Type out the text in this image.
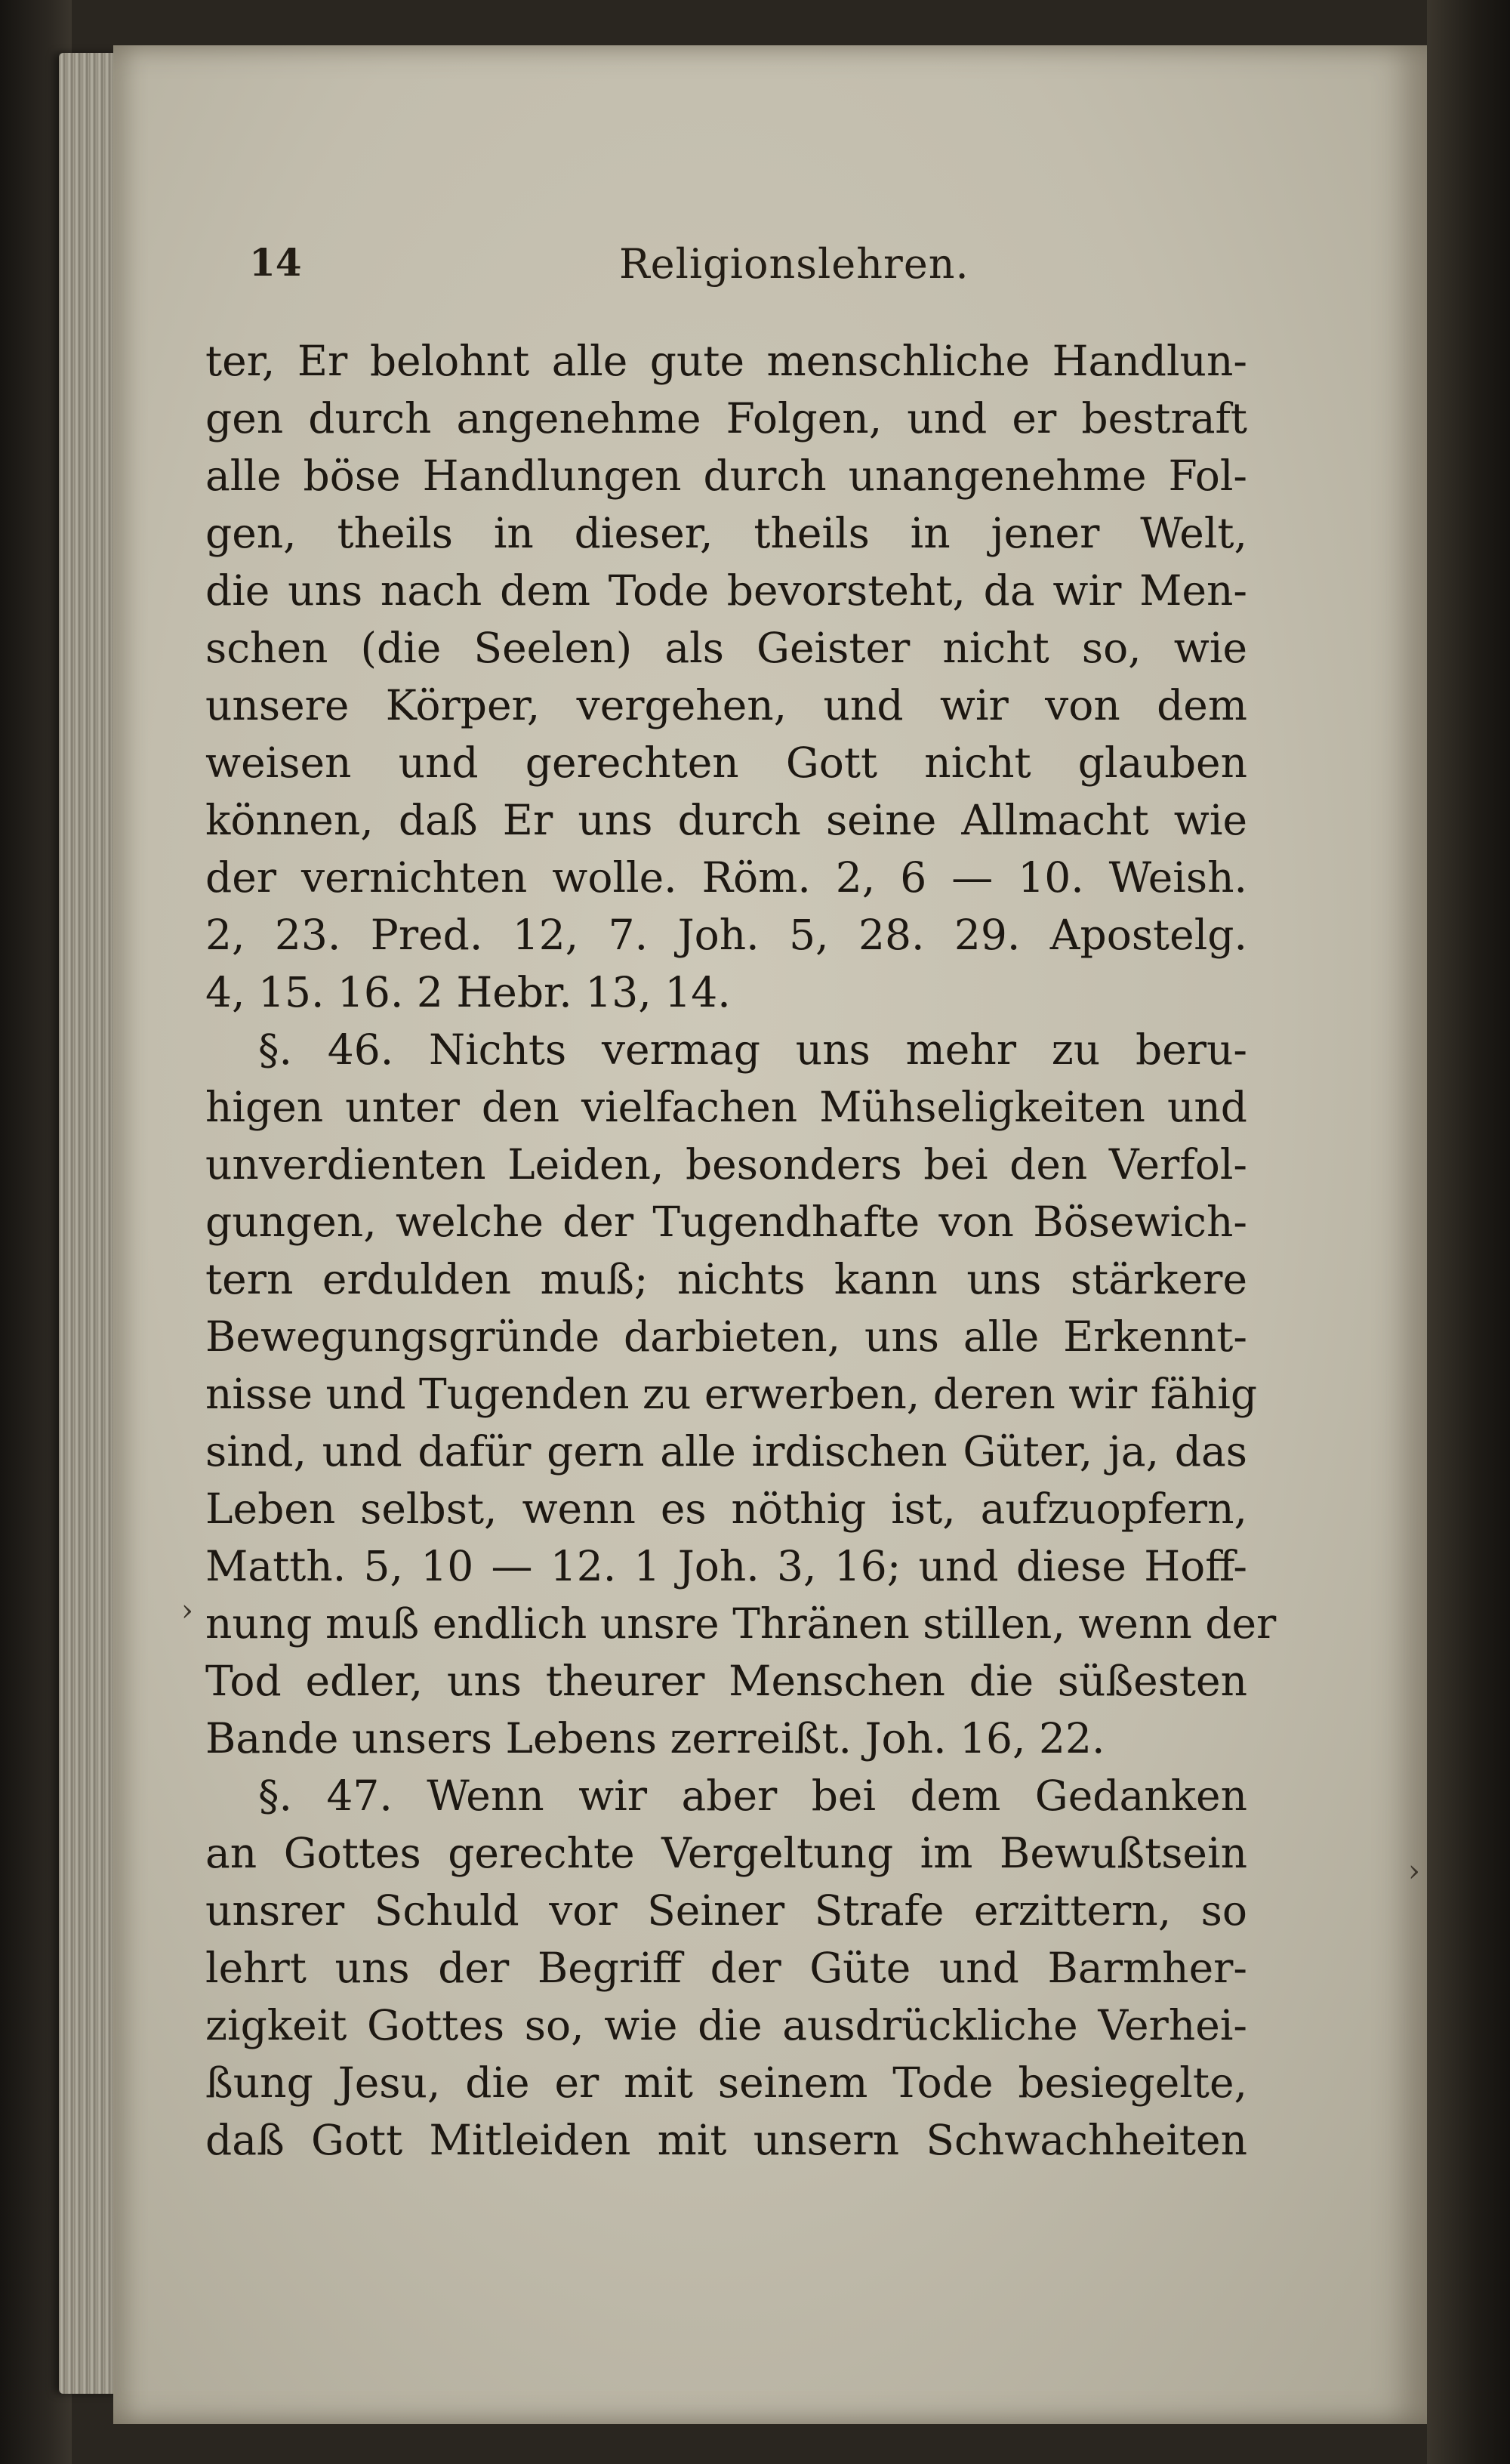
14	Religionslehren.
ter, Er belohnt alle gute menschliche Handlun-
gen durch angenehme Folgen, und er bestraft
alle böse Handlungen durch unangenehme Fol-
gen, theils in dieser, theils in jener Welt,
die uns nach dem Tode bevorsteht, da wir Men-
schen (die Seelen) als Geister nicht so, wie
unsere Körper, vergehen, und wir von dem
weisen und gerechten Gott nicht glauben
können, daß Er uns durch seine Allmacht wie
der vernichten wolle. Röm. 2, 6 — 10. Weish.
2, 23. Pred. 12, 7. Joh. 5, 28. 29. Apostelg.
4, 15. 16. 2 Hebr. 13, 14.
§. 46. Nichts vermag uns mehr zu beru-
higen unter den vielfachen Mühseligkeiten und
unverdienten Leiden, besonders bei den Verfol-
gungen, welche der Tugendhafte von Bösewich-
tern erdulden muß; nichts kann uns stärkere
Bewegungsgründe darbieten, uns alle Erkennt-
nisse und Tugenden zu erwerben, deren wir fähig
sind, und dafür gern alle irdischen Güter, ja, das
Leben selbst, wenn es nöthig ist, aufzuopfern,
Matth. 5, 10 — 12. 1 Joh. 3, 16; und diese Hoff-
nung muß endlich unsre Thränen stillen, wenn der
Tod edler, uns theurer Menschen die süßesten
Bande unsers Lebens zerreißt. Joh. 16, 22.
§. 47. Wenn wir aber bei dem Gedanken
an Gottes gerechte Vergeltung im Bewußtsein
unsrer Schuld vor Seiner Strafe erzittern, so
lehrt uns der Begriff der Güte und Barmher-
zigkeit Gottes so, wie die ausdrückliche Verhei-
ßung Jesu, die er mit seinem Tode besiegelte,
daß Gott Mitleiden mit unsern Schwachheiten
›
›
